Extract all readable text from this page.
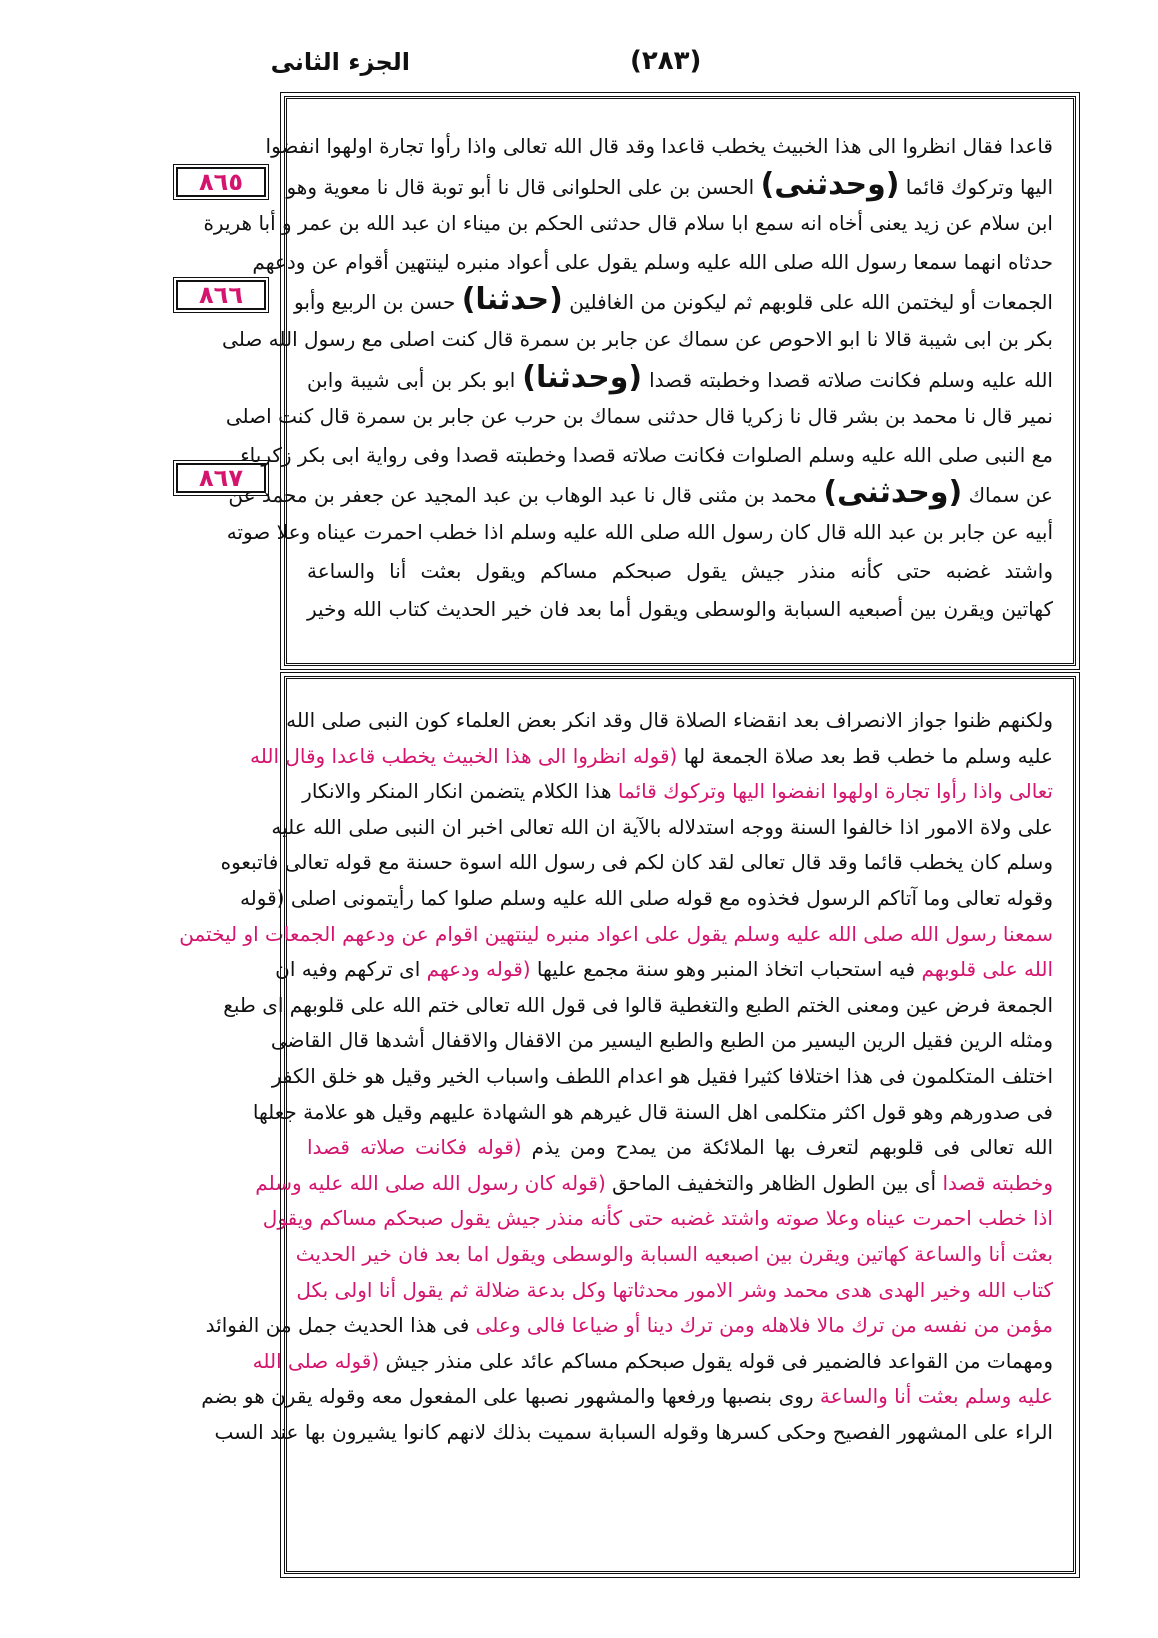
الجزء الثانى	(٢٨٣)
٨٦٥
٨٦٦
٨٦٧
قاعدا فقال انظروا الى هذا الخبيث يخطب قاعدا وقد قال الله تعالى واذا رأوا تجارة اولهوا انفضوا
اليها وتركوك قائما (وحدثنى) الحسن بن على الحلوانى قال نا أبو توبة قال نا معوية وهو
ابن سلام عن زيد يعنى أخاه انه سمع ابا سلام قال حدثنى الحكم بن ميناء ان عبد الله بن عمر و أبا هريرة
حدثاه انهما سمعا رسول الله صلى الله عليه وسلم يقول على أعواد منبره لينتهين أقوام عن ودعهم
الجمعات أو ليختمن الله على قلوبهم ثم ليكونن من الغافلين (حدثنا) حسن بن الربيع وأبو
بكر بن ابى شيبة قالا نا ابو الاحوص عن سماك عن جابر بن سمرة قال كنت اصلى مع رسول الله صلى
الله عليه وسلم فكانت صلاته قصدا وخطبته قصدا (وحدثنا) ابو بكر بن أبى شيبة وابن
نمير قال نا محمد بن بشر قال نا زكريا قال حدثنى سماك بن حرب عن جابر بن سمرة قال كنت اصلى
مع النبى صلى الله عليه وسلم الصلوات فكانت صلاته قصدا وخطبته قصدا وفى رواية ابى بكر زكرياء
عن سماك (وحدثنى) محمد بن مثنى قال نا عبد الوهاب بن عبد المجيد عن جعفر بن محمد عن
أبيه عن جابر بن عبد الله قال كان رسول الله صلى الله عليه وسلم اذا خطب احمرت عيناه وعلا صوته
واشتد غضبه حتى كأنه منذر جيش يقول صبحكم مساكم ويقول بعثت أنا والساعة
كهاتين ويقرن بين أصبعيه السبابة والوسطى ويقول أما بعد فان خير الحديث كتاب الله وخير
ولكنهم ظنوا جواز الانصراف بعد انقضاء الصلاة قال وقد انكر بعض العلماء كون النبى صلى الله
عليه وسلم ما خطب قط بعد صلاة الجمعة لها (قوله انظروا الى هذا الخبيث يخطب قاعدا وقال الله
تعالى واذا رأوا تجارة اولهوا انفضوا اليها وتركوك قائما هذا الكلام يتضمن انكار المنكر والانكار
على ولاة الامور اذا خالفوا السنة ووجه استدلاله بالآية ان الله تعالى اخبر ان النبى صلى الله عليه
وسلم كان يخطب قائما وقد قال تعالى لقد كان لكم فى رسول الله اسوة حسنة مع قوله تعالى فاتبعوه
وقوله تعالى وما آتاكم الرسول فخذوه مع قوله صلى الله عليه وسلم صلوا كما رأيتمونى اصلى (قوله
سمعنا رسول الله صلى الله عليه وسلم يقول على اعواد منبره لينتهين اقوام عن ودعهم الجمعات او ليختمن
الله على قلوبهم فيه استحباب اتخاذ المنبر وهو سنة مجمع عليها (قوله ودعهم اى تركهم وفيه ان
الجمعة فرض عين ومعنى الختم الطبع والتغطية قالوا فى قول الله تعالى ختم الله على قلوبهم اى طبع
ومثله الرين فقيل الرين اليسير من الطبع والطبع اليسير من الاقفال والاقفال أشدها قال القاضى
اختلف المتكلمون فى هذا اختلافا كثيرا فقيل هو اعدام اللطف واسباب الخير وقيل هو خلق الكفر
فى صدورهم وهو قول اكثر متكلمى اهل السنة قال غيرهم هو الشهادة عليهم وقيل هو علامة جعلها
الله تعالى فى قلوبهم لتعرف بها الملائكة من يمدح ومن يذم (قوله فكانت صلاته قصدا
وخطبته قصدا أى بين الطول الظاهر والتخفيف الماحق (قوله كان رسول الله صلى الله عليه وسلم
اذا خطب احمرت عيناه وعلا صوته واشتد غضبه حتى كأنه منذر جيش يقول صبحكم مساكم ويقول
بعثت أنا والساعة كهاتين ويقرن بين اصبعيه السبابة والوسطى ويقول اما بعد فان خير الحديث
كتاب الله وخير الهدى هدى محمد وشر الامور محدثاتها وكل بدعة ضلالة ثم يقول أنا اولى بكل
مؤمن من نفسه من ترك مالا فلاهله ومن ترك دينا أو ضياعا فالى وعلى فى هذا الحديث جمل من الفوائد
ومهمات من القواعد فالضمير فى قوله يقول صبحكم مساكم عائد على منذر جيش (قوله صلى الله
عليه وسلم بعثت أنا والساعة روى بنصبها ورفعها والمشهور نصبها على المفعول معه وقوله يقرن هو بضم
الراء على المشهور الفصيح وحكى كسرها وقوله السبابة سميت بذلك لانهم كانوا يشيرون بها عند السب
